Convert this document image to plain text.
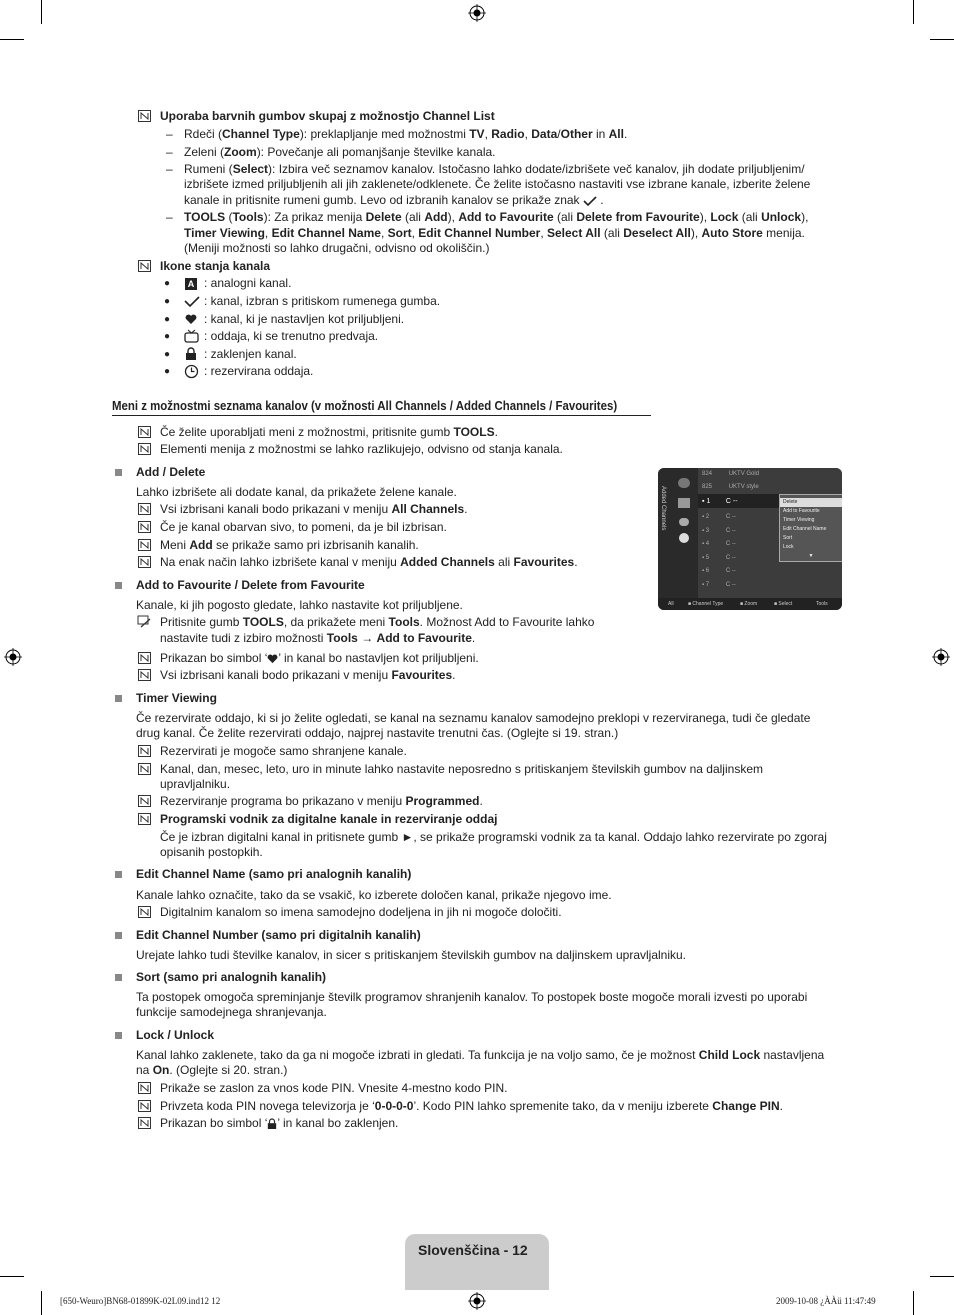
Uporaba barvnih gumbov skupaj z možnostjo Channel List
– Rdeči (Channel Type): preklapljanje med možnostmi TV, Radio, Data/Other in All.
– Zeleni (Zoom): Povečanje ali pomanjšanje številke kanala.
– Rumeni (Select): Izbira več seznamov kanalov. Istočasno lahko dodate/izbrišete več kanalov, jih dodate priljubljenim/
izbrišete izmed priljubljenih ali jih zaklenete/odklenete. Če želite istočasno nastaviti vse izbrane kanale, izberite želene
kanale in pritisnite rumeni gumb. Levo od izbranih kanalov se prikaže znak .
– TOOLS (Tools): Za prikaz menija Delete (ali Add), Add to Favourite (ali Delete from Favourite), Lock (ali Unlock),
Timer Viewing, Edit Channel Name, Sort, Edit Channel Number, Select All (ali Deselect All), Auto Store menija.
(Meniji možnosti so lahko drugačni, odvisno od okoliščin.)
Ikone stanja kanala
●	A : analogni kanal.
●	: kanal, izbran s pritiskom rumenega gumba.
●	: kanal, ki je nastavljen kot priljubljeni.
●	: oddaja, ki se trenutno predvaja.
●	: zaklenjen kanal.
●	: rezervirana oddaja.
Meni z možnostmi seznama kanalov (v možnosti All Channels / Added Channels / Favourites)
Če želite uporabljati meni z možnostmi, pritisnite gumb TOOLS.
Elementi menija z možnostmi se lahko razlikujejo, odvisno od stanja kanala.
Add / Delete
Lahko izbrišete ali dodate kanal, da prikažete želene kanale.
Vsi izbrisani kanali bodo prikazani v meniju All Channels.
Če je kanal obarvan sivo, to pomeni, da je bil izbrisan.
Meni Add se prikaže samo pri izbrisanih kanalih.
Na enak način lahko izbrišete kanal v meniju Added Channels ali Favourites.
Added Channels
824	UKTV Gold
825	UKTV style
▪ 1 C --
▪ 2	C --
▪ 3	C --
▪ 4	C --
▪ 5	C --
▪ 6	C --
▪ 7	C --
Delete
Add to Favourite
Timer Viewing
Edit Channel Name
Sort
Lock
▼
All	■ Channel Type	■ Zoom	■ Select	Tools
Add to Favourite / Delete from Favourite
Kanale, ki jih pogosto gledate, lahko nastavite kot priljubljene.
Pritisnite gumb TOOLS, da prikažete meni Tools. Možnost Add to Favourite lahko
nastavite tudi z izbiro možnosti Tools → Add to Favourite.
Prikazan bo simbol ‘ ’ in kanal bo nastavljen kot priljubljeni.
Vsi izbrisani kanali bodo prikazani v meniju Favourites.
Timer Viewing
Če rezervirate oddajo, ki si jo želite ogledati, se kanal na seznamu kanalov samodejno preklopi v rezerviranega, tudi če gledate
drug kanal. Če želite rezervirati oddajo, najprej nastavite trenutni čas. (Oglejte si 19. stran.)
Rezervirati je mogoče samo shranjene kanale.
Kanal, dan, mesec, leto, uro in minute lahko nastavite neposredno s pritiskanjem številskih gumbov na daljinskem
upravljalniku.
Rezerviranje programa bo prikazano v meniju Programmed.
Programski vodnik za digitalne kanale in rezerviranje oddaj
Če je izbran digitalni kanal in pritisnete gumb ►, se prikaže programski vodnik za ta kanal. Oddajo lahko rezervirate po zgoraj
opisanih postopkih.
Edit Channel Name (samo pri analognih kanalih)
Kanale lahko označite, tako da se vsakič, ko izberete določen kanal, prikaže njegovo ime.
Digitalnim kanalom so imena samodejno dodeljena in jih ni mogoče določiti.
Edit Channel Number (samo pri digitalnih kanalih)
Urejate lahko tudi številke kanalov, in sicer s pritiskanjem številskih gumbov na daljinskem upravljalniku.
Sort (samo pri analognih kanalih)
Ta postopek omogoča spreminjanje številk programov shranjenih kanalov. To postopek boste mogoče morali izvesti po uporabi
funkcije samodejnega shranjevanja.
Lock / Unlock
Kanal lahko zaklenete, tako da ga ni mogoče izbrati in gledati. Ta funkcija je na voljo samo, če je možnost Child Lock nastavljena
na On. (Oglejte si 20. stran.)
Prikaže se zaslon za vnos kode PIN. Vnesite 4-mestno kodo PIN.
Privzeta koda PIN novega televizorja je ‘0-0-0-0’. Kodo PIN lahko spremenite tako, da v meniju izberete Change PIN.
Prikazan bo simbol ‘ ’ in kanal bo zaklenjen.
Slovenščina - 12
[650-Weuro]BN68-01899K-02L09.ind12 12	2009-10-08 ¿ÀÀü 11:47:49
